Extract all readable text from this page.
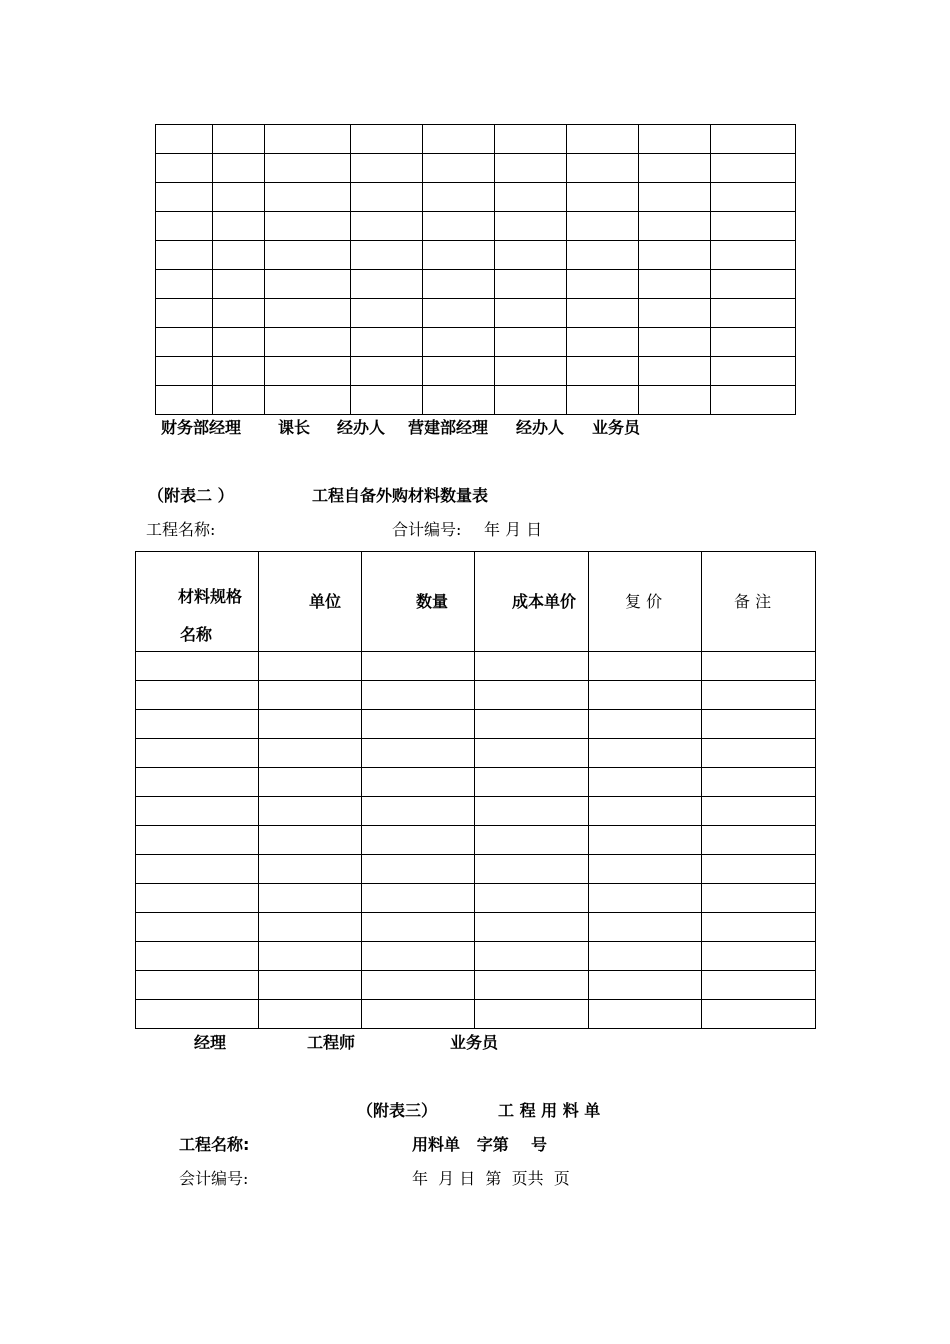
财务部经理 课长 经办人 营建部经理 经办人 业务员
（附表二 ）	工程自备外购材料数量表
工程名称:	合计编号: 年 月 日
材料规格
名称	单位	数量	成本单价	复 价	备 注

经理	工程师	业务员
（附表三）	工 程 用 料 单
工程名称:	用料单   字第    号
会计编号:	年  月 日  第  页共  页
